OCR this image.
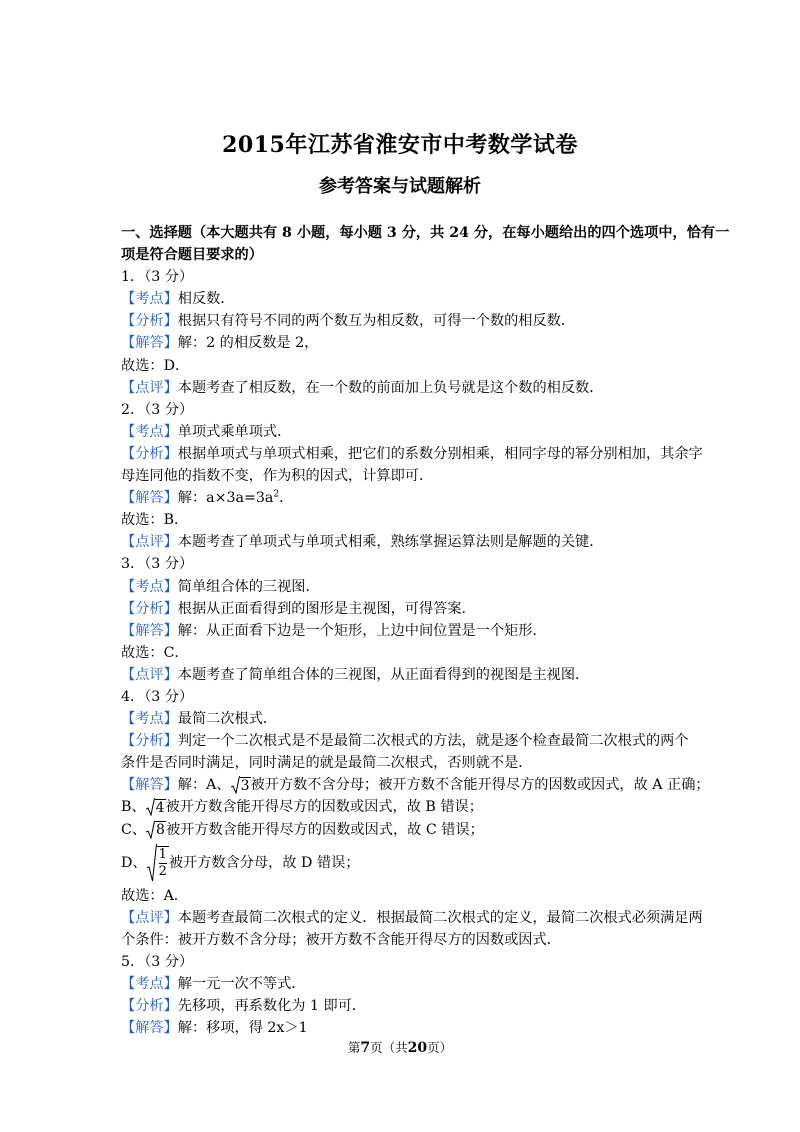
2015年江苏省淮安市中考数学试卷
参考答案与试题解析
一、选择题（本大题共有 8 小题，每小题 3 分，共 24 分，在每小题给出的四个选项中，恰有一
项是符合题目要求的）
1．（3 分）
【考点】相反数．
【分析】根据只有符号不同的两个数互为相反数，可得一个数的相反数．
【解答】解：2 的相反数是 2，
故选：D．
【点评】本题考查了相反数，在一个数的前面加上负号就是这个数的相反数．
2．（3 分）
【考点】单项式乘单项式．
【分析】根据单项式与单项式相乘，把它们的系数分别相乘，相同字母的幂分别相加，其余字
母连同他的指数不变，作为积的因式，计算即可．
【解答】解：$a\times 3a=3a^2$．
故选：B．
【点评】本题考查了单项式与单项式相乘，熟练掌握运算法则是解题的关键．
3．（3 分）
【考点】简单组合体的三视图．
【分析】根据从正面看得到的图形是主视图，可得答案．
【解答】解：从正面看下边是一个矩形，上边中间位置是一个矩形．
故选：C．
【点评】本题考查了简单组合体的三视图，从正面看得到的视图是主视图．
4．（3 分）
【考点】最简二次根式．
【分析】判定一个二次根式是不是最简二次根式的方法，就是逐个检查最简二次根式的两个
条件是否同时满足，同时满足的就是最简二次根式，否则就不是．
【解答】解：A、 3被开方数不含分母；被开方数不含能开得尽方的因数或因式，故 A 正确；
B、 4被开方数含能开得尽方的因数或因式，故 B 错误；
C、 8被开方数含能开得尽方的因数或因式，故 C 错误；
D、 $\frac{1}{2}$ 被开方数含分母，故 D 错误；
故选：A．
【点评】本题考查最简二次根式的定义．根据最简二次根式的定义，最简二次根式必须满足两
个条件：被开方数不含分母；被开方数不含能开得尽方的因数或因式．
5．（3 分）
【考点】解一元一次不等式．
【分析】先移项，再系数化为 1 即可．
【解答】解：移项，得 2x＞1
第7页（共20页）
